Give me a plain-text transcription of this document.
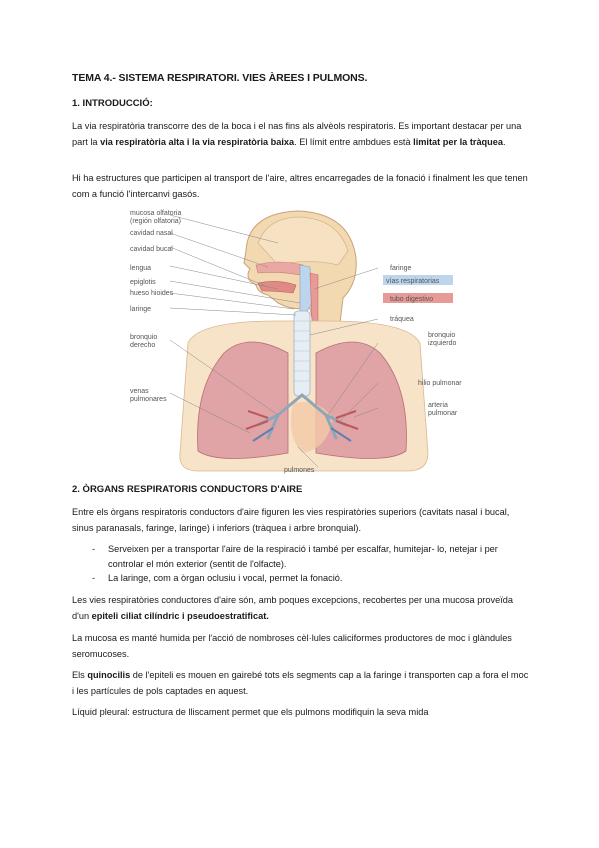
TEMA 4.- SISTEMA RESPIRATORI. VIES ÀREES I PULMONS.
1. INTRODUCCIÓ:
La via respiratòria transcorre des de la boca i el nas fins als alvèols respiratoris. Es important destacar per una part la via respiratòria alta i la via respiratòria baixa. El límit entre ambdues està limitat per la tràquea.
Hi ha estructures que participen al transport de l'aire, altres encarregades de la fonació i finalment les que tenen com a funció l'intercanvi gasós.
mucosa olfatoria
(región olfatoria)
cavidad nasal
cavidad bucal
lengua
epiglotis
hueso hioides
laringe
bronquio
derecho
venas
pulmonares
faringe
vías respiratorias
tubo digestivo
tráquea
bronquio
izquierdo
hilio pulmonar
arteria
pulmonar
pulmones
2. ÒRGANS RESPIRATORIS CONDUCTORS D'AIRE
Entre els òrgans respiratoris conductors d'aire figuren les vies respiratòries superiors (cavitats nasal i bucal, sinus paranasals, faringe, laringe) i inferiors (tràquea i arbre bronquial).
- Serveixen per a transportar l'aire de la respiració i també per escalfar, humitejar- lo, netejar i per controlar el món exterior (sentit de l'olfacte).
- La laringe, com a òrgan oclusiu i vocal, permet la fonació.
Les vies respiratòries conductores d'aire són, amb poques excepcions, recobertes per una mucosa proveïda d'un epiteli ciliat cilíndric i pseudoestratificat.
La mucosa es manté humida per l'acció de nombroses cèl·lules caliciformes productores de moc i glàndules seromucoses.
Els quinocilis de l'epiteli es mouen en gairebé tots els segments cap a la faringe i transporten cap a fora el moc i les partícules de pols captades en aquest.
Líquid pleural: estructura de lliscament permet que els pulmons modifiquin la seva mida
